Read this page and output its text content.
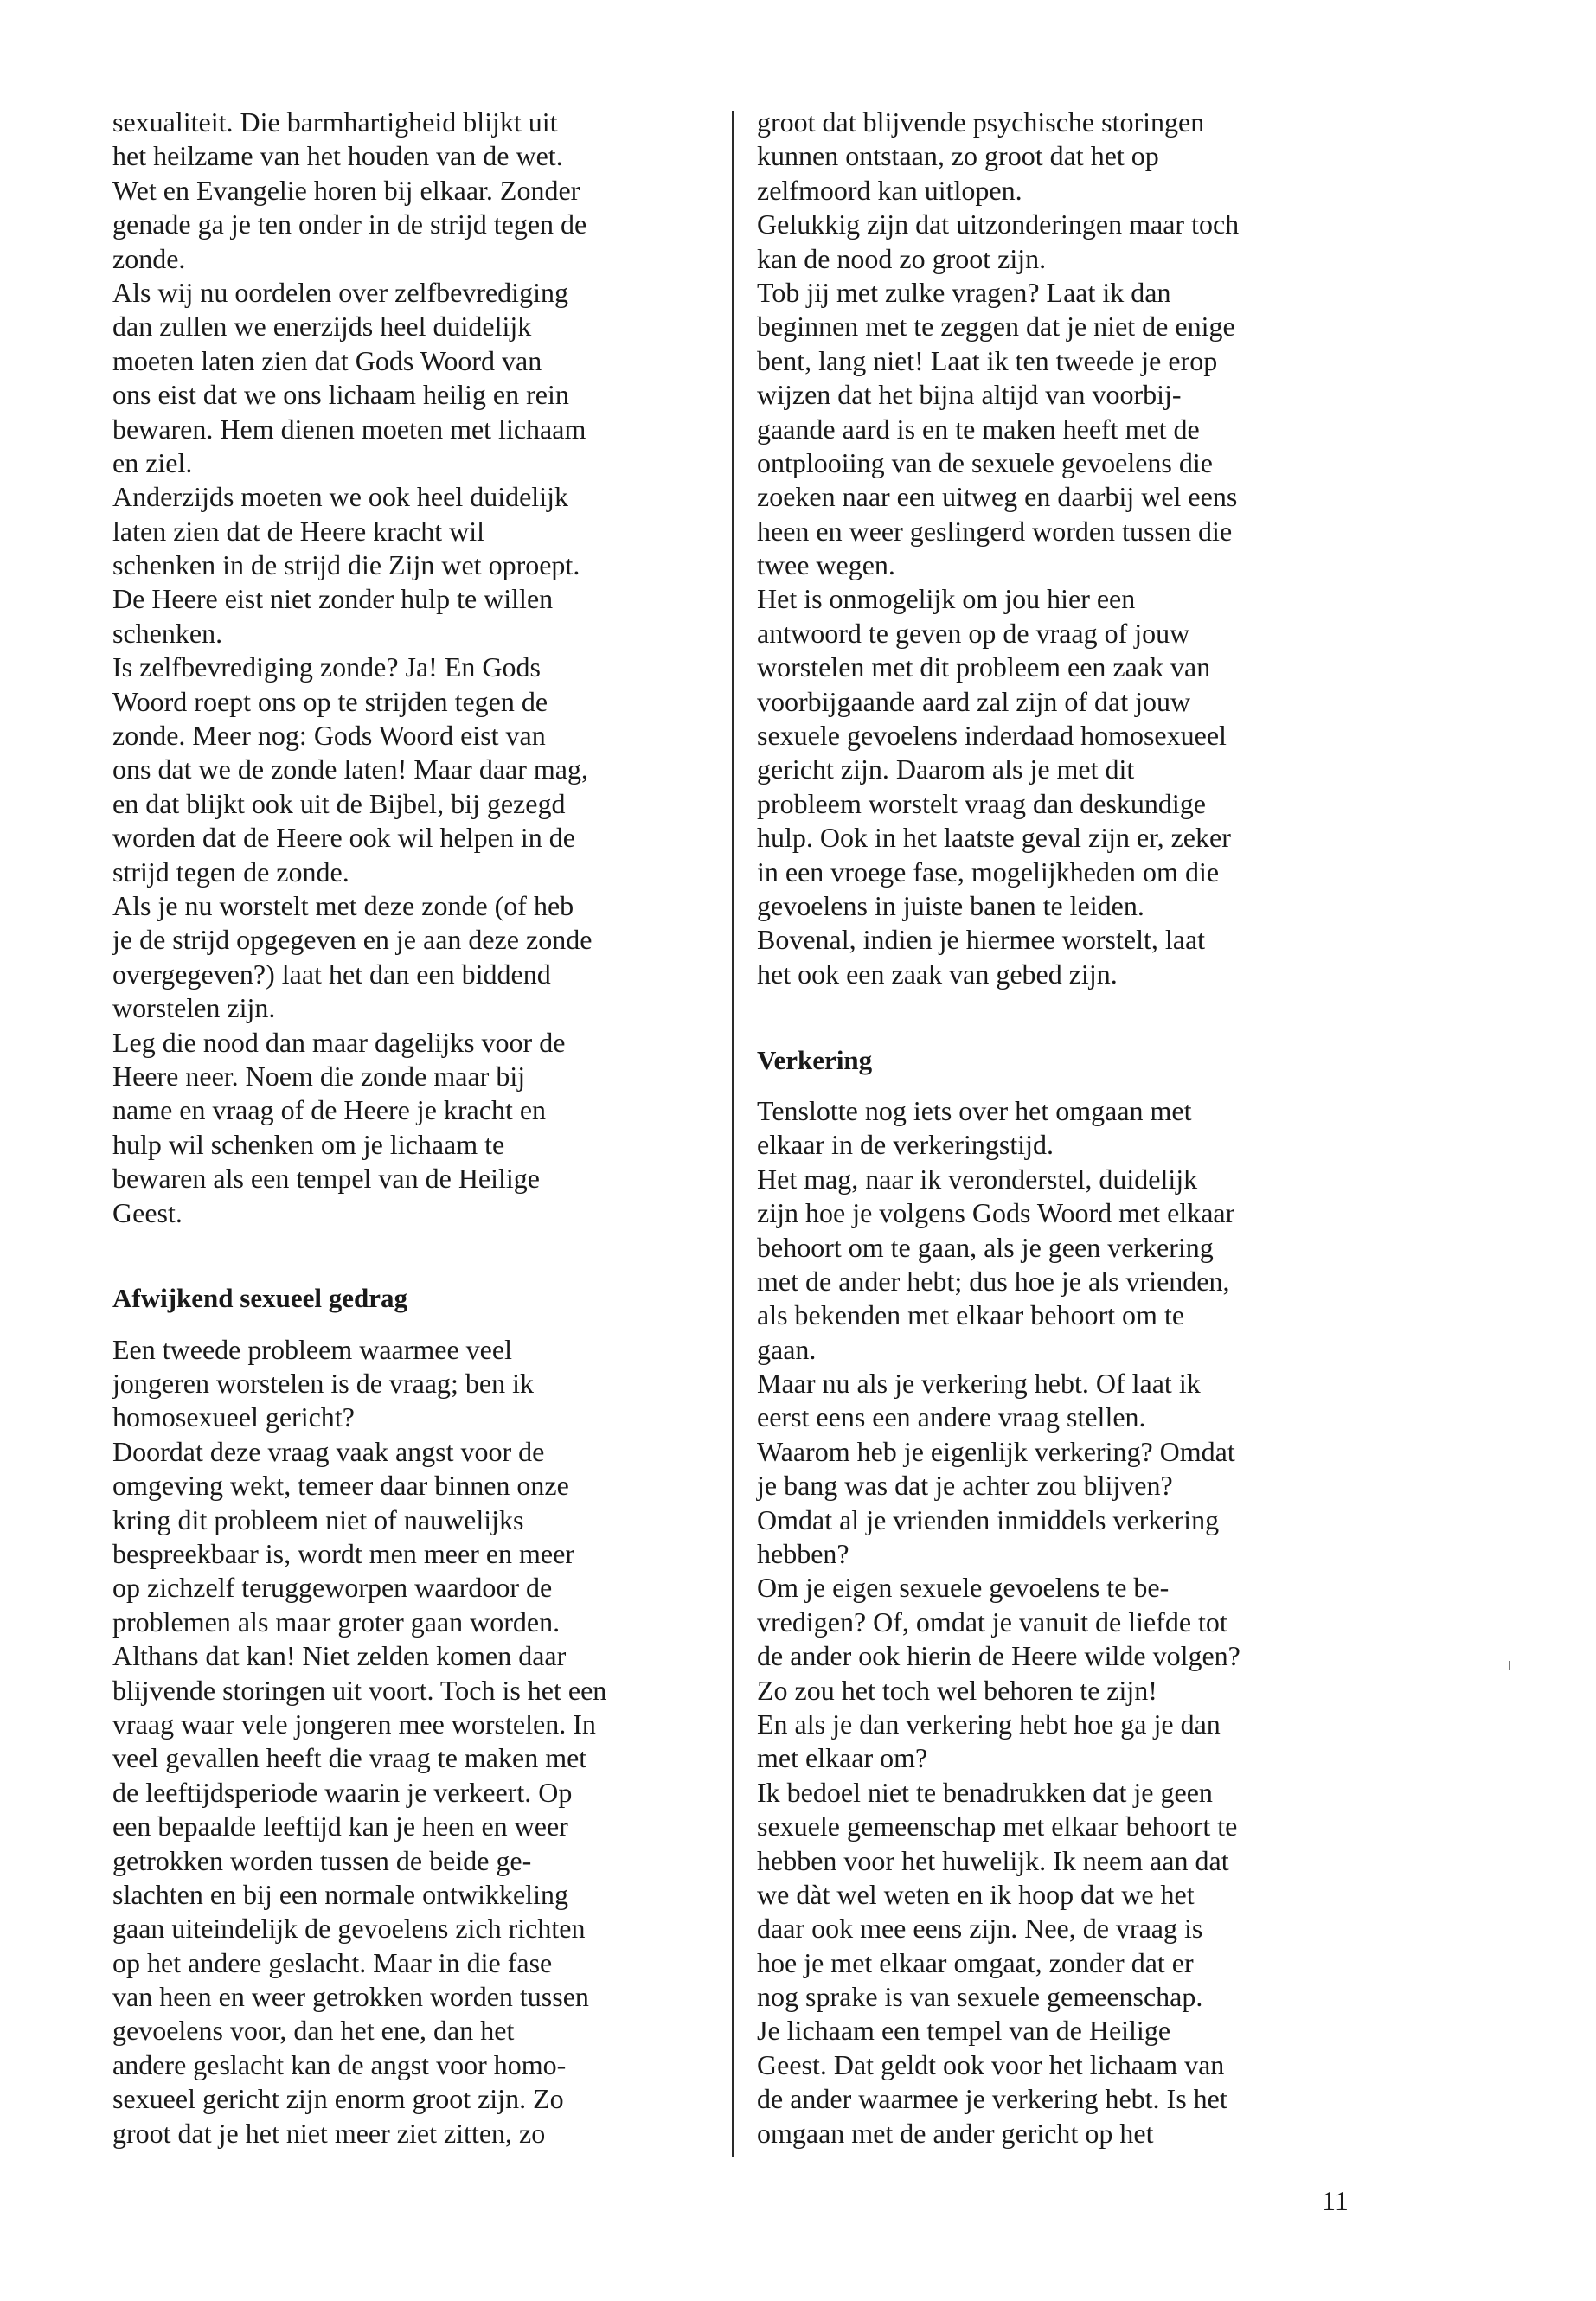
sexualiteit. Die barmhartigheid blijkt uit
het heilzame van het houden van de wet.
Wet en Evangelie horen bij elkaar. Zonder
genade ga je ten onder in de strijd tegen de
zonde.
Als wij nu oordelen over zelfbevrediging
dan zullen we enerzijds heel duidelijk
moeten laten zien dat Gods Woord van
ons eist dat we ons lichaam heilig en rein
bewaren. Hem dienen moeten met lichaam
en ziel.
Anderzijds moeten we ook heel duidelijk
laten zien dat de Heere kracht wil
schenken in de strijd die Zijn wet oproept.
De Heere eist niet zonder hulp te willen
schenken.
Is zelfbevrediging zonde? Ja! En Gods
Woord roept ons op te strijden tegen de
zonde. Meer nog: Gods Woord eist van
ons dat we de zonde laten! Maar daar mag,
en dat blijkt ook uit de Bijbel, bij gezegd
worden dat de Heere ook wil helpen in de
strijd tegen de zonde.
Als je nu worstelt met deze zonde (of heb
je de strijd opgegeven en je aan deze zonde
overgegeven?) laat het dan een biddend
worstelen zijn.
Leg die nood dan maar dagelijks voor de
Heere neer. Noem die zonde maar bij
name en vraag of de Heere je kracht en
hulp wil schenken om je lichaam te
bewaren als een tempel van de Heilige
Geest.
Afwijkend sexueel gedrag
Een tweede probleem waarmee veel
jongeren worstelen is de vraag; ben ik
homosexueel gericht?
Doordat deze vraag vaak angst voor de
omgeving wekt, temeer daar binnen onze
kring dit probleem niet of nauwelijks
bespreekbaar is, wordt men meer en meer
op zichzelf teruggeworpen waardoor de
problemen als maar groter gaan worden.
Althans dat kan! Niet zelden komen daar
blijvende storingen uit voort. Toch is het een
vraag waar vele jongeren mee worstelen. In
veel gevallen heeft die vraag te maken met
de leeftijdsperiode waarin je verkeert. Op
een bepaalde leeftijd kan je heen en weer
getrokken worden tussen de beide ge-
slachten en bij een normale ontwikkeling
gaan uiteindelijk de gevoelens zich richten
op het andere geslacht. Maar in die fase
van heen en weer getrokken worden tussen
gevoelens voor, dan het ene, dan het
andere geslacht kan de angst voor homo-
sexueel gericht zijn enorm groot zijn. Zo
groot dat je het niet meer ziet zitten, zo
groot dat blijvende psychische storingen
kunnen ontstaan, zo groot dat het op
zelfmoord kan uitlopen.
Gelukkig zijn dat uitzonderingen maar toch
kan de nood zo groot zijn.
Tob jij met zulke vragen? Laat ik dan
beginnen met te zeggen dat je niet de enige
bent, lang niet! Laat ik ten tweede je erop
wijzen dat het bijna altijd van voorbij-
gaande aard is en te maken heeft met de
ontplooiing van de sexuele gevoelens die
zoeken naar een uitweg en daarbij wel eens
heen en weer geslingerd worden tussen die
twee wegen.
Het is onmogelijk om jou hier een
antwoord te geven op de vraag of jouw
worstelen met dit probleem een zaak van
voorbijgaande aard zal zijn of dat jouw
sexuele gevoelens inderdaad homosexueel
gericht zijn. Daarom als je met dit
probleem worstelt vraag dan deskundige
hulp. Ook in het laatste geval zijn er, zeker
in een vroege fase, mogelijkheden om die
gevoelens in juiste banen te leiden.
Bovenal, indien je hiermee worstelt, laat
het ook een zaak van gebed zijn.
Verkering
Tenslotte nog iets over het omgaan met
elkaar in de verkeringstijd.
Het mag, naar ik veronderstel, duidelijk
zijn hoe je volgens Gods Woord met elkaar
behoort om te gaan, als je geen verkering
met de ander hebt; dus hoe je als vrienden,
als bekenden met elkaar behoort om te
gaan.
Maar nu als je verkering hebt. Of laat ik
eerst eens een andere vraag stellen.
Waarom heb je eigenlijk verkering? Omdat
je bang was dat je achter zou blijven?
Omdat al je vrienden inmiddels verkering
hebben?
Om je eigen sexuele gevoelens te be-
vredigen? Of, omdat je vanuit de liefde tot
de ander ook hierin de Heere wilde volgen?
Zo zou het toch wel behoren te zijn!
En als je dan verkering hebt hoe ga je dan
met elkaar om?
Ik bedoel niet te benadrukken dat je geen
sexuele gemeenschap met elkaar behoort te
hebben voor het huwelijk. Ik neem aan dat
we dàt wel weten en ik hoop dat we het
daar ook mee eens zijn. Nee, de vraag is
hoe je met elkaar omgaat, zonder dat er
nog sprake is van sexuele gemeenschap.
Je lichaam een tempel van de Heilige
Geest. Dat geldt ook voor het lichaam van
de ander waarmee je verkering hebt. Is het
omgaan met de ander gericht op het
11
